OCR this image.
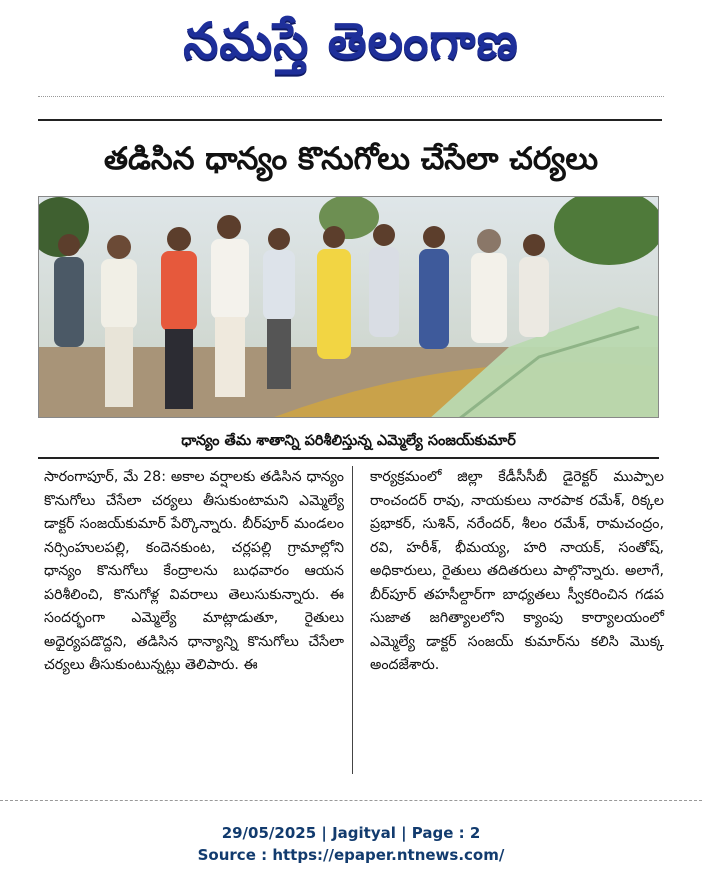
నమస్తే తెలంగాణ
తడిసిన ధాన్యం కొనుగోలు చేసేలా చర్యలు
ధాన్యం తేమ శాతాన్ని పరిశీలిస్తున్న ఎమ్మెల్యే సంజయ్‌కుమార్

సారంగాపూర్, మే 28: అకాల వర్షాలకు తడిసిన ధాన్యం కొనుగోలు చేసేలా చర్యలు తీసుకుంటామని ఎమ్మెల్యే డాక్టర్ సంజయ్‌కుమార్ పేర్కొన్నారు. బీర్‌పూర్ మండలం నర్సింహులపల్లి, కందెనకుంట, చర్లపల్లి గ్రామాల్లోని ధాన్యం కొనుగోలు కేంద్రాలను బుధవారం ఆయన పరిశీలించి, కొనుగోళ్ల వివరాలు తెలుసుకున్నారు. ఈ సందర్భంగా ఎమ్మెల్యే మాట్లాడుతూ, రైతులు అధైర్యపడొద్దని, తడిసిన ధాన్యాన్ని కొనుగోలు చేసేలా చర్యలు తీసుకుంటున్నట్లు తెలిపారు. ఈ

కార్యక్రమంలో జిల్లా కేడీసీసీబీ డైరెక్టర్ ముప్పాల రాంచందర్ రావు, నాయకులు నారపాక రమేశ్, రిక్కల ప్రభాకర్, సుశిన్, నరేందర్, శీలం రమేశ్, రామచంద్రం, రవి, హరీశ్, భీమయ్య, హరి నాయక్, సంతోష్, అధికారులు, రైతులు తదితరులు పాల్గొన్నారు. అలాగే, బీర్‌పూర్ తహసీల్దార్‌గా బాధ్యతలు స్వీకరించిన గడప సుజాత జగిత్యాలలోని క్యాంపు కార్యాలయంలో ఎమ్మెల్యే డాక్టర్ సంజయ్ కుమార్‌ను కలిసి మొక్క అందజేశారు.

29/05/2025 | Jagityal | Page : 2
Source : https://epaper.ntnews.com/
